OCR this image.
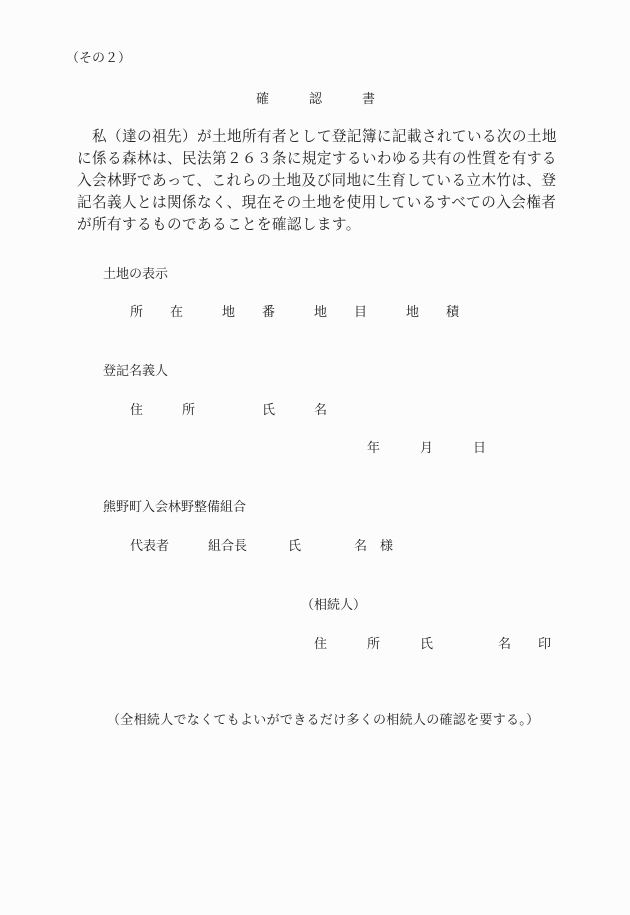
（その２）
確	認	書
私（達の祖先）が土地所有者として登記簿に記載されている次の土地に係る森林は、民法第２６３条に規定するいわゆる共有の性質を有する入会林野であって、これらの土地及び同地に生育している立木竹は、登記名義人とは関係なく、現在その土地を使用しているすべての入会権者が所有するものであることを確認します。
土地の表示
所 在	地 番	地 目	地 積
登記名義人
住	所	氏	名
年	月	日
熊野町入会林野整備組合
代表者	組合長	氏	名 様
（相続人）
住	所	氏	名 印
（全相続人でなくてもよいができるだけ多くの相続人の確認を要する。）
